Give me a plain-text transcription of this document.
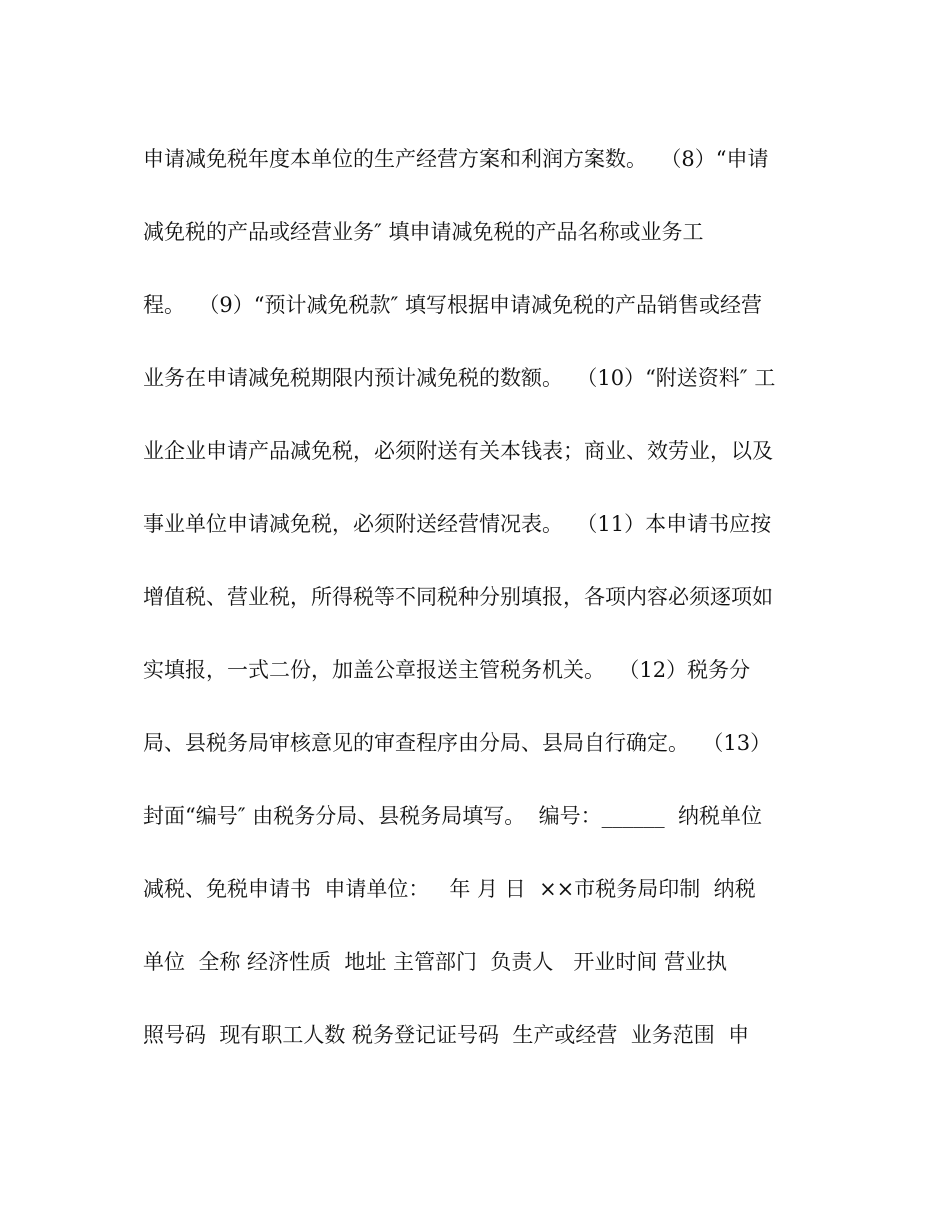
申请减免税年度本单位的生产经营方案和利润方案数。  （8）“申请
减免税的产品或经营业务″ 填申请减免税的产品名称或业务工
程。  （9）“预计减免税款″ 填写根据申请减免税的产品销售或经营
业务在申请减免税期限内预计减免税的数额。  （10）“附送资料″ 工
业企业申请产品减免税，必须附送有关本钱表；商业、效劳业，以及
事业单位申请减免税，必须附送经营情况表。  （11）本申请书应按
增值税、营业税，所得税等不同税种分别填报，各项内容必须逐项如
实填报，一式二份，加盖公章报送主管税务机关。  （12）税务分
局、县税务局审核意见的审查程序由分局、县局自行确定。  （13）
封面“编号″ 由税务分局、县税务局填写。  编号：______  纳税单位
减税、免税申请书  申请单位：   年 月 日  ××市税务局印制  纳税
单位  全称 经济性质  地址 主管部门  负责人   开业时间 营业执
照号码  现有职工人数 税务登记证号码  生产或经营  业务范围  申
